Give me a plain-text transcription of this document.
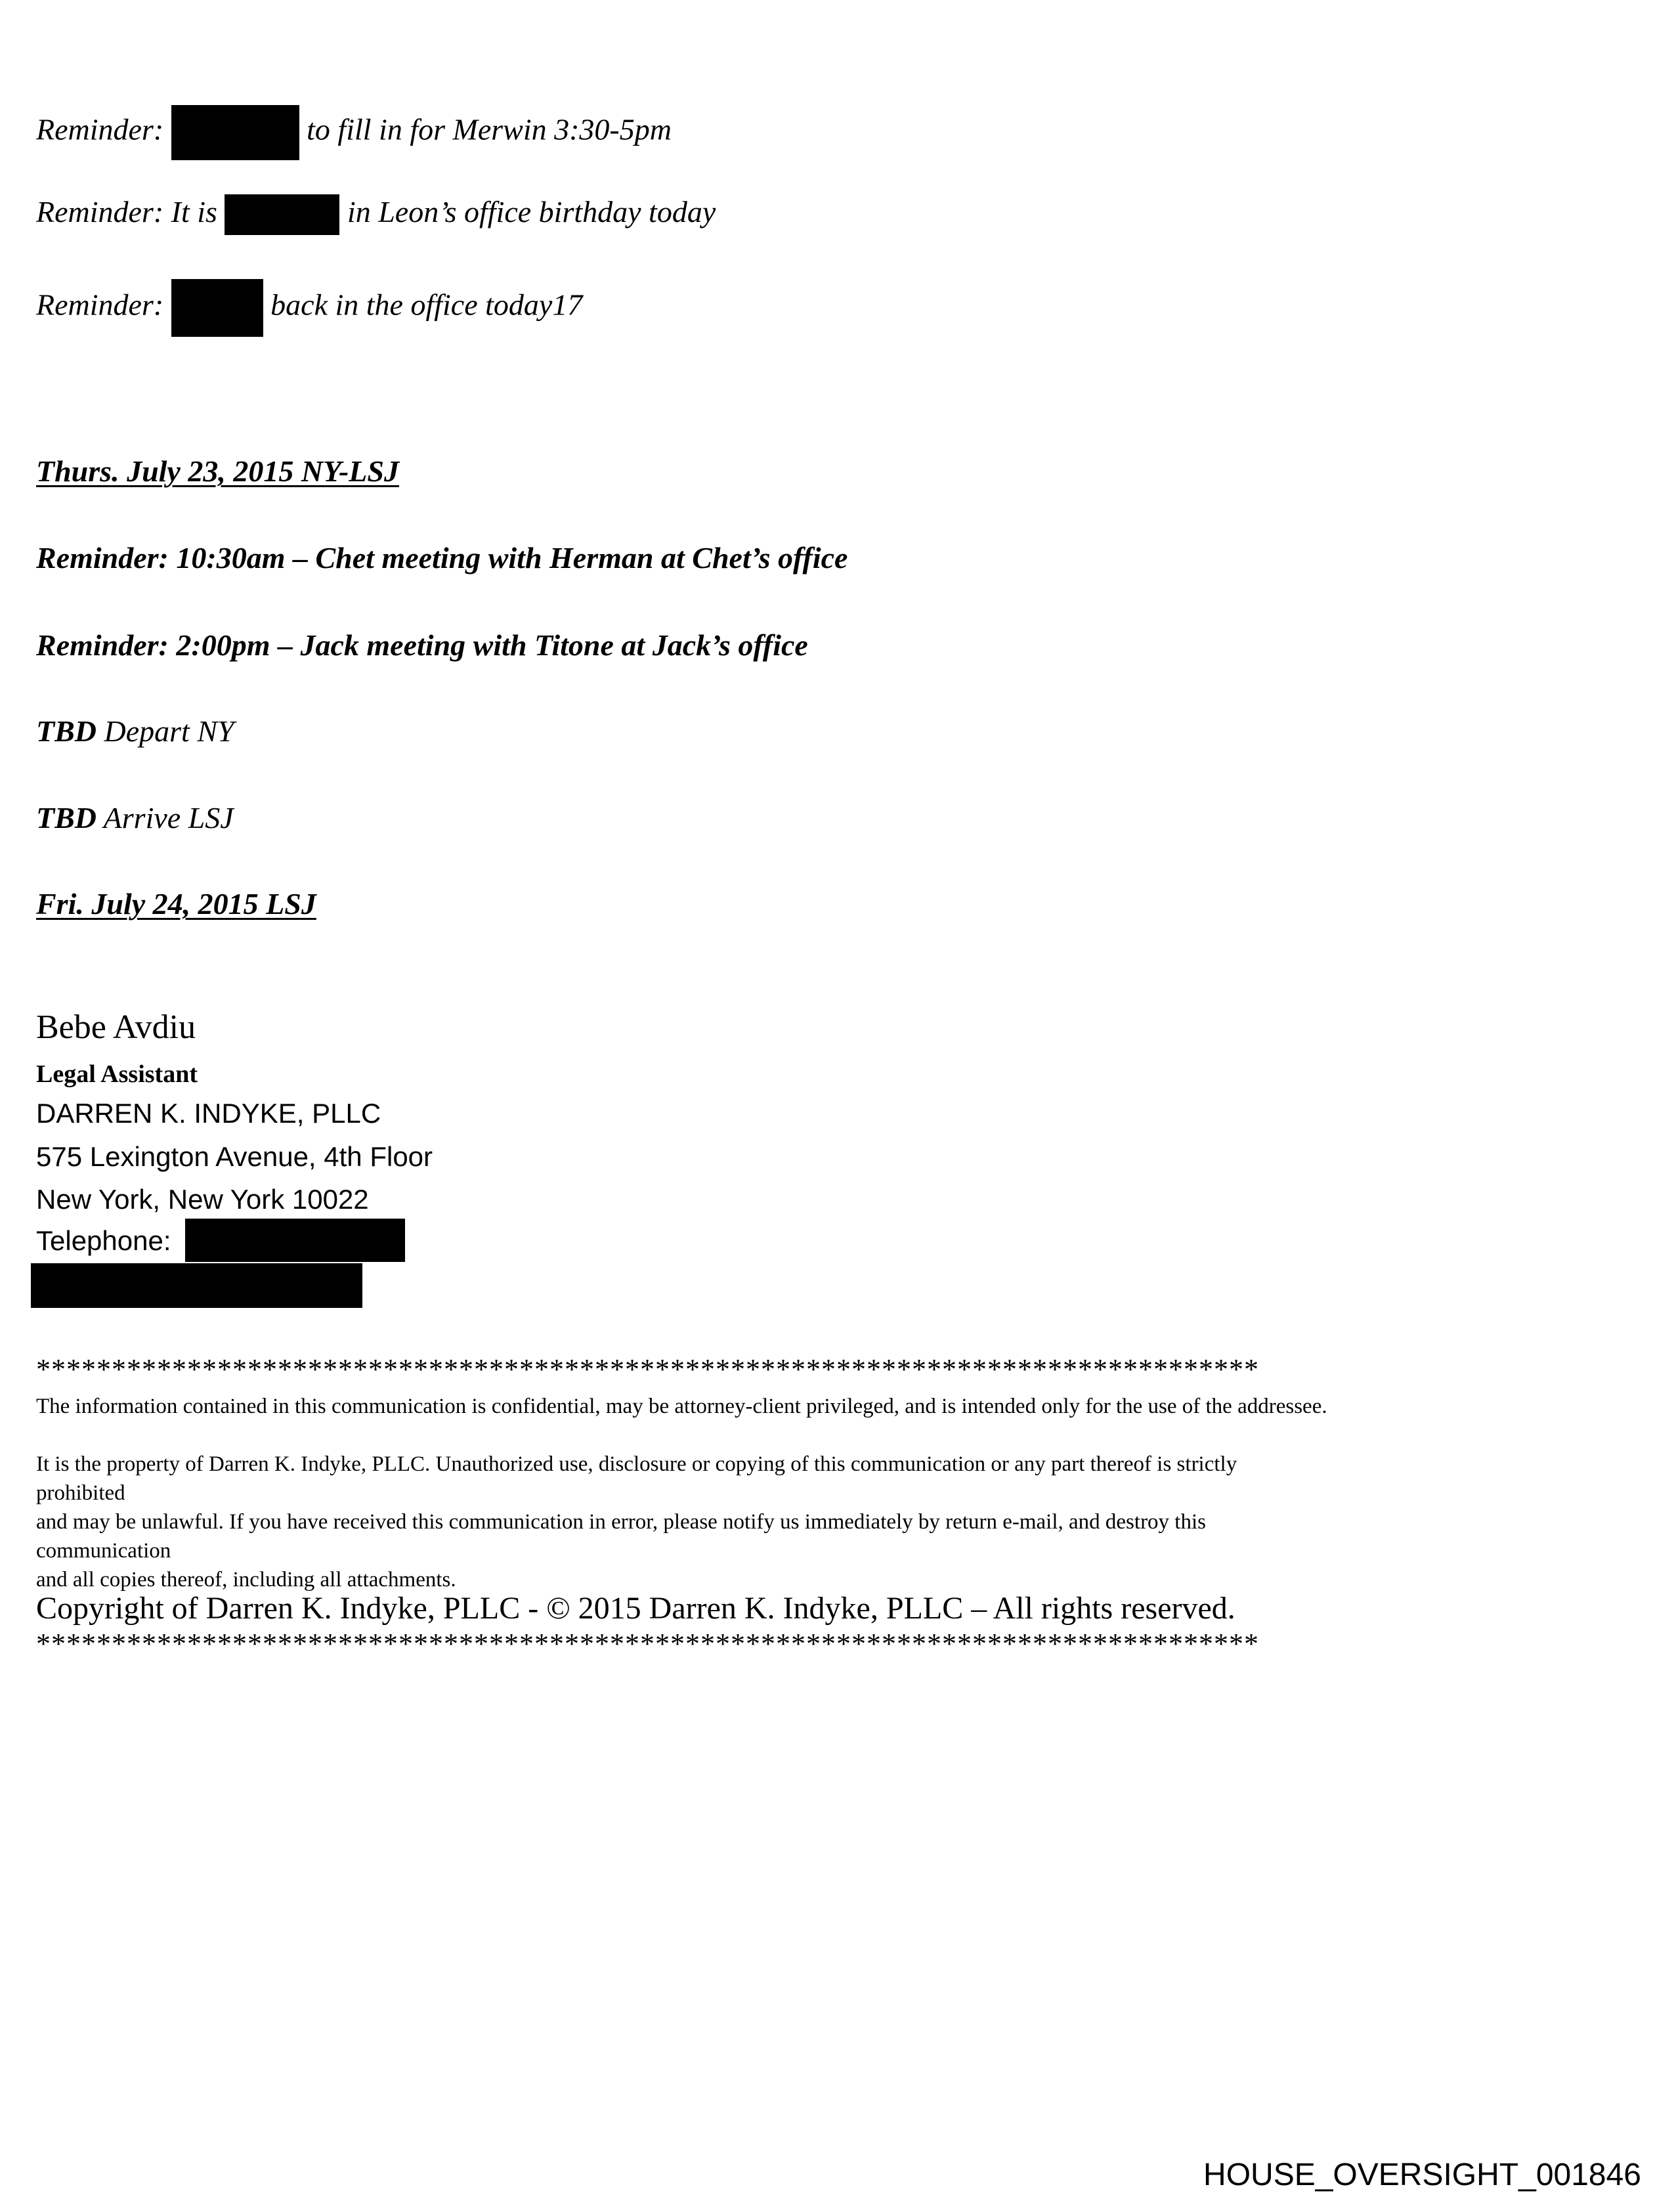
Reminder:	to fill in for Merwin 3:30-5pm
Reminder: It is	in Leon’s office birthday today
Reminder:	back in the office today17
Thurs. July 23, 2015 NY-LSJ
Reminder: 10:30am – Chet meeting with Herman at Chet’s office
Reminder: 2:00pm – Jack meeting with Titone at Jack’s office
TBD Depart NY
TBD Arrive LSJ
Fri. July 24, 2015 LSJ
Bebe Avdiu
Legal Assistant
DARREN K. INDYKE, PLLC
575 Lexington Avenue, 4th Floor
New York, New York 10022
Telephone:
*********************************************************************************
The information contained in this communication is confidential, may be attorney-client privileged, and is intended only for the use of the addressee.
It is the property of Darren K. Indyke, PLLC. Unauthorized use, disclosure or copying of this communication or any part thereof is strictly
prohibited
and may be unlawful. If you have received this communication in error, please notify us immediately by return e-mail, and destroy this
communication
and all copies thereof, including all attachments.
Copyright of Darren K. Indyke, PLLC - © 2015 Darren K. Indyke, PLLC – All rights reserved.
*********************************************************************************
HOUSE_OVERSIGHT_001846
